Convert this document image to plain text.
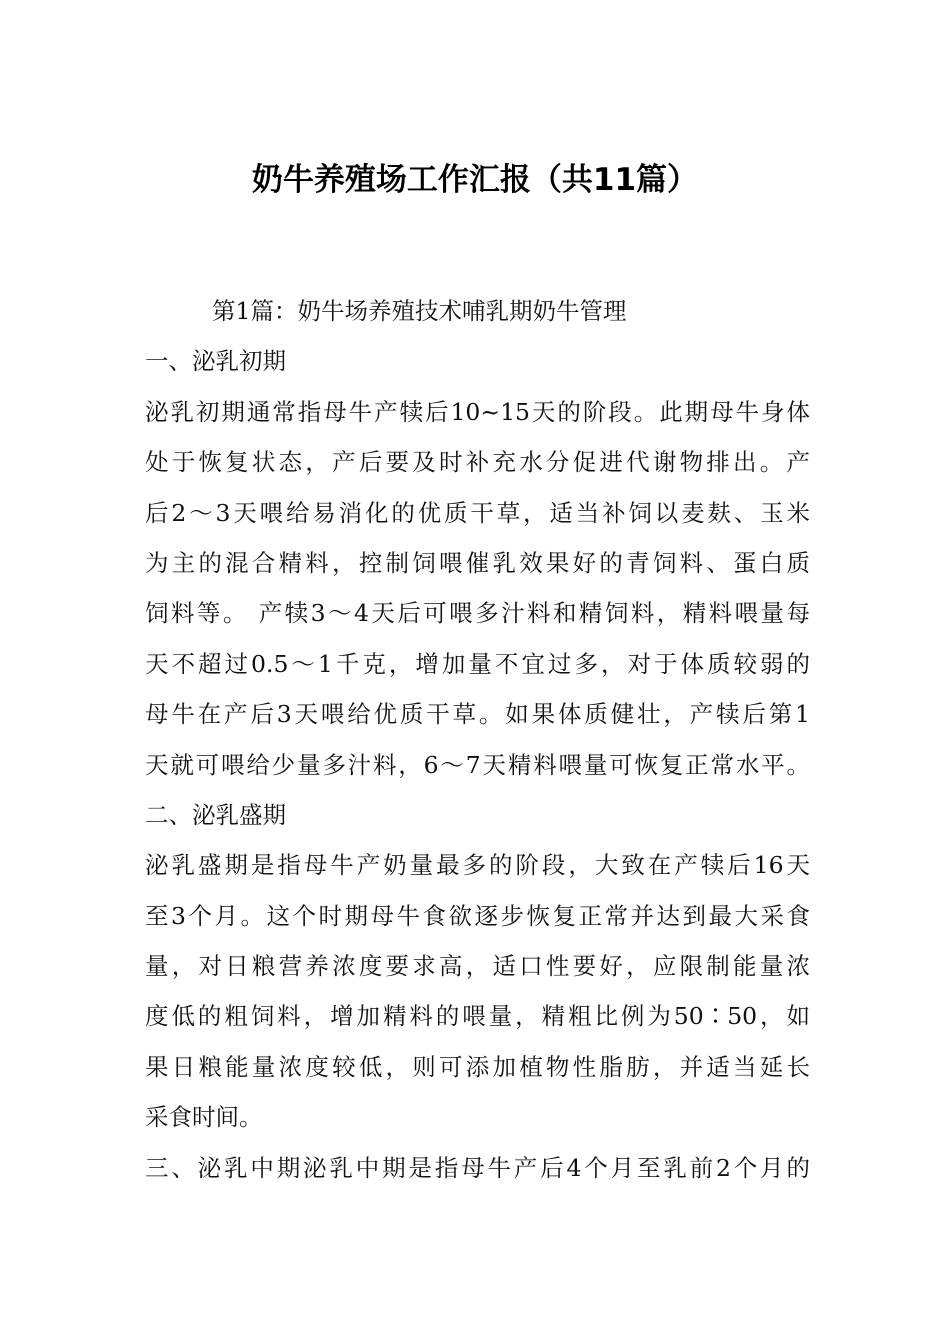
奶牛养殖场工作汇报（共11篇）
第1篇：奶牛场养殖技术哺乳期奶牛管理
一、泌乳初期
泌乳初期通常指母牛产犊后10~15天的阶段。此期母牛身体
处于恢复状态，产后要及时补充水分促进代谢物排出。产
后2～3天喂给易消化的优质干草，适当补饲以麦麸、玉米
为主的混合精料，控制饲喂催乳效果好的青饲料、蛋白质
饲料等。 产犊3～4天后可喂多汁料和精饲料，精料喂量每
天不超过0.5～1千克，增加量不宜过多，对于体质较弱的
母牛在产后3天喂给优质干草。如果体质健壮，产犊后第1
天就可喂给少量多汁料，6～7天精料喂量可恢复正常水平。
二、泌乳盛期
泌乳盛期是指母牛产奶量最多的阶段，大致在产犊后16天
至3个月。这个时期母牛食欲逐步恢复正常并达到最大采食
量，对日粮营养浓度要求高，适口性要好，应限制能量浓
度低的粗饲料，增加精料的喂量，精粗比例为50∶50，如
果日粮能量浓度较低，则可添加植物性脂肪，并适当延长
采食时间。
三、泌乳中期泌乳中期是指母牛产后4个月至乳前2个月的
